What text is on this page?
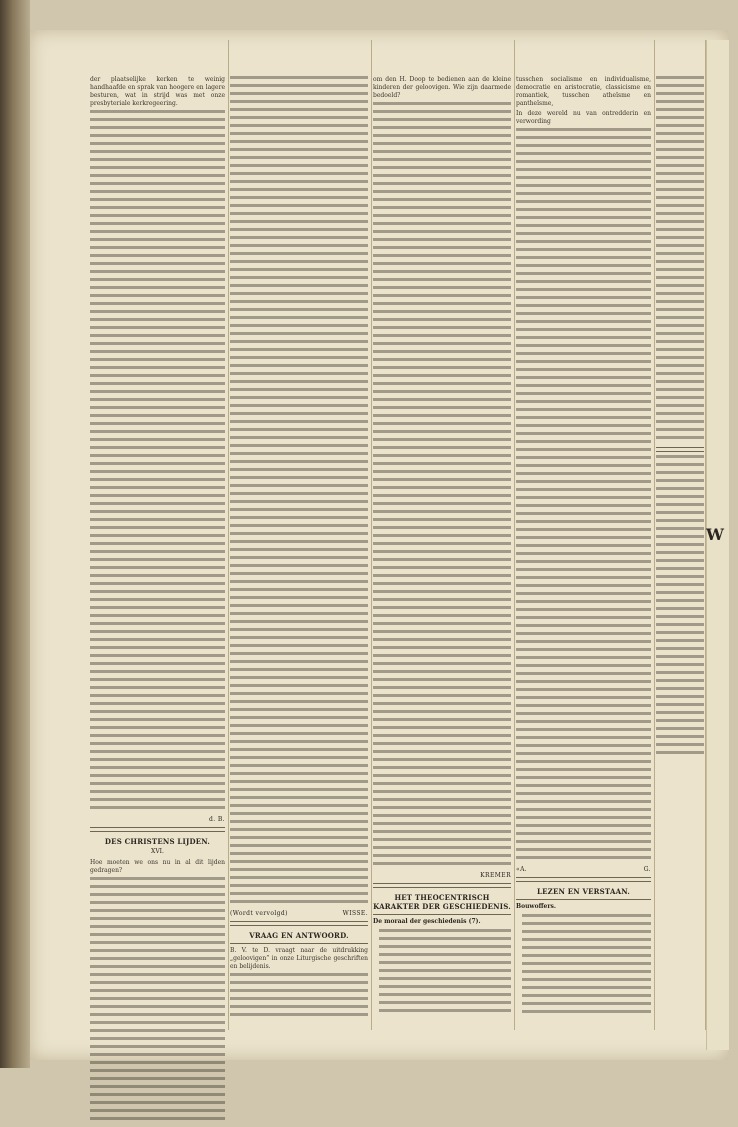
der plaatselijke kerken te weinig handhaafde en sprak van hoogere en lagere besturen, wat in strijd was met onze presbyteriale kerkregeering.

d. B.

DES CHRISTENS LIJDEN.
XVI.

Hoe moeten we ons nu in al dit lijden gedragen?

(Wordt vervolgd)	WISSE.
VRAAG EN ANTWOORD.

B. V. te D. vraagt naar de uitdrukking „geloovigen” in onze Liturgische geschriften en belijdenis.

om den H. Doop te bedienen aan de kleine kinderen der geloovigen. Wie zijn daarmede bedoeld?

KREMER

HET THEOCENTRISCH KARAKTER DER GESCHIEDENIS.
De moraal der geschiedenis (7).

tusschen socialisme en individualisme, democratie en aristocratie, classicisme en romantiek, tusschen atheïsme en pantheïsme,

In deze wereld nu van ontredderin en verwording

«A.	G.
LEZEN EN VERSTAAN.
Bouwoffers.
W
